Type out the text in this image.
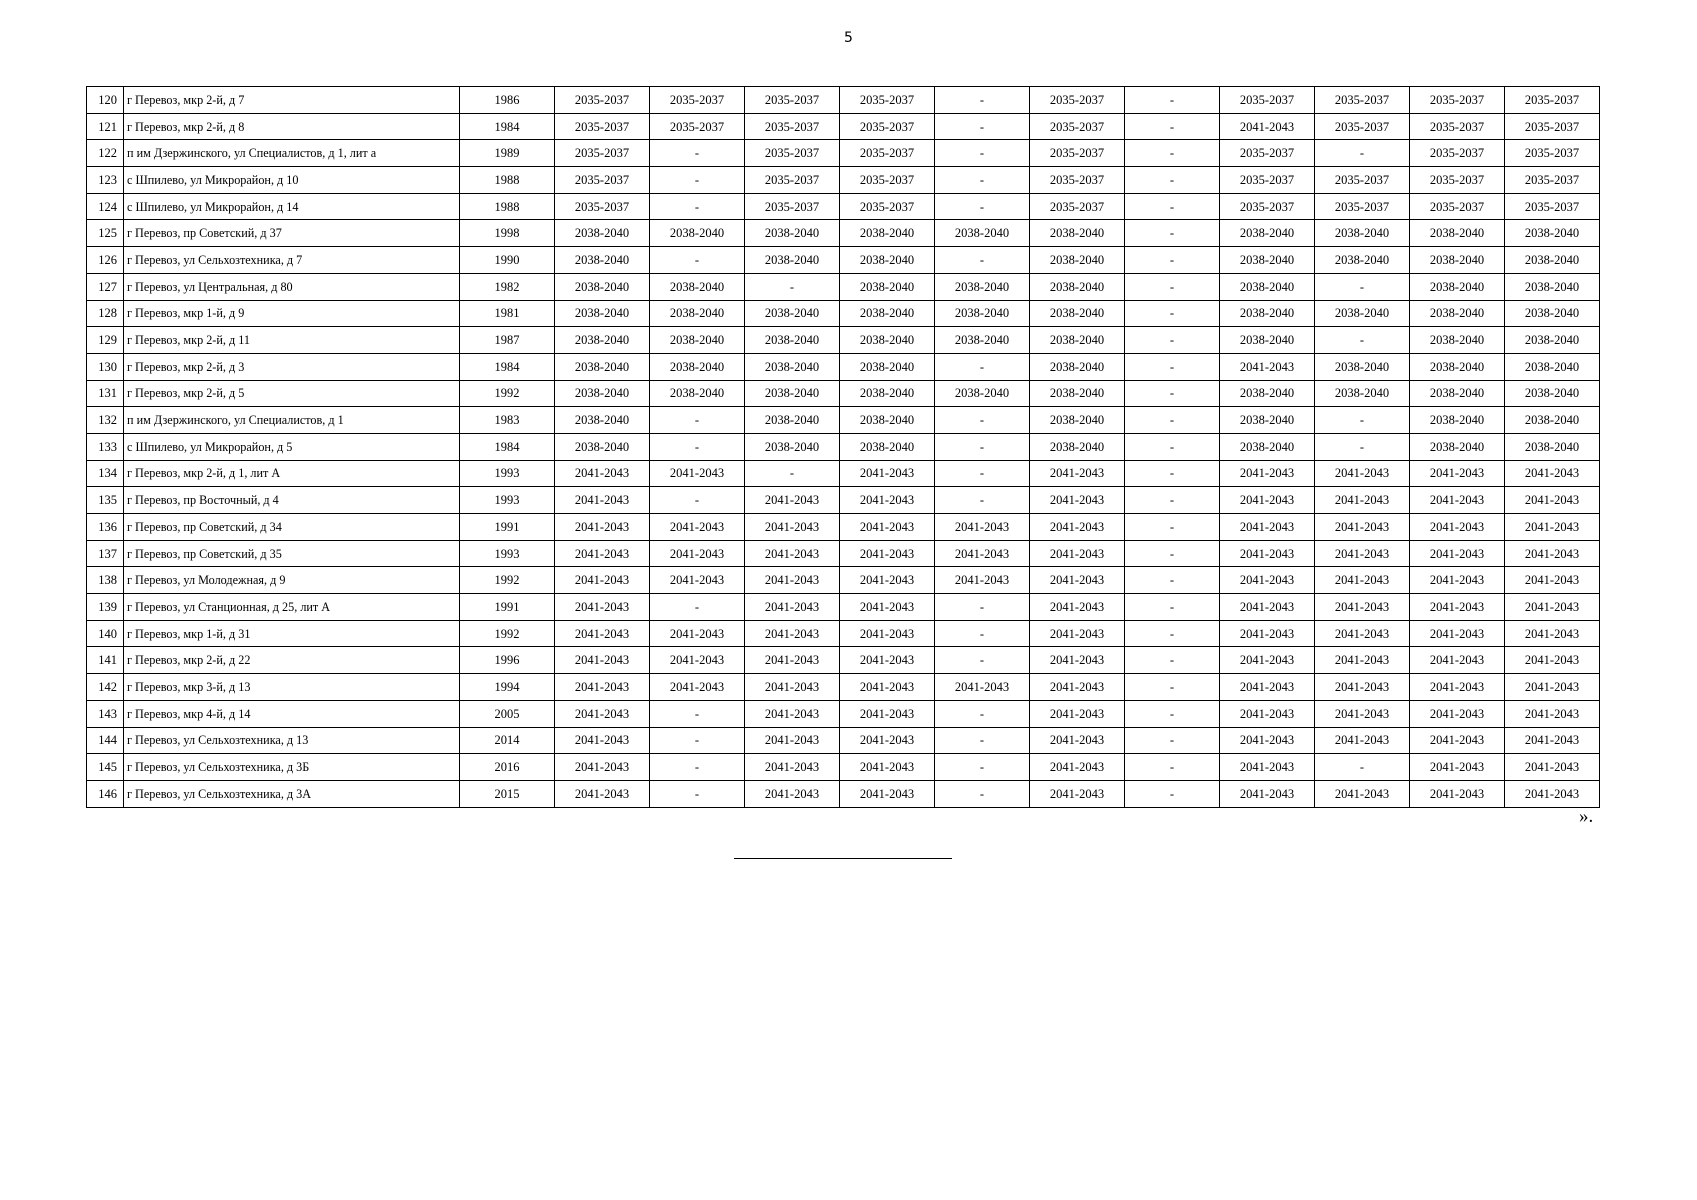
5
120	г Перевоз, мкр 2-й, д 7	1986	2035-2037	2035-2037	2035-2037	2035-2037	-	2035-2037	-	2035-2037	2035-2037	2035-2037	2035-2037
121	г Перевоз, мкр 2-й, д 8	1984	2035-2037	2035-2037	2035-2037	2035-2037	-	2035-2037	-	2041-2043	2035-2037	2035-2037	2035-2037
122	п им Дзержинского, ул Специалистов, д 1, лит а	1989	2035-2037	-	2035-2037	2035-2037	-	2035-2037	-	2035-2037	-	2035-2037	2035-2037
123	с Шпилево, ул Микрорайон, д 10	1988	2035-2037	-	2035-2037	2035-2037	-	2035-2037	-	2035-2037	2035-2037	2035-2037	2035-2037
124	с Шпилево, ул Микрорайон, д 14	1988	2035-2037	-	2035-2037	2035-2037	-	2035-2037	-	2035-2037	2035-2037	2035-2037	2035-2037
125	г Перевоз, пр Советский, д 37	1998	2038-2040	2038-2040	2038-2040	2038-2040	2038-2040	2038-2040	-	2038-2040	2038-2040	2038-2040	2038-2040
126	г Перевоз, ул Сельхозтехника, д 7	1990	2038-2040	-	2038-2040	2038-2040	-	2038-2040	-	2038-2040	2038-2040	2038-2040	2038-2040
127	г Перевоз, ул Центральная, д 80	1982	2038-2040	2038-2040	-	2038-2040	2038-2040	2038-2040	-	2038-2040	-	2038-2040	2038-2040
128	г Перевоз, мкр 1-й, д 9	1981	2038-2040	2038-2040	2038-2040	2038-2040	2038-2040	2038-2040	-	2038-2040	2038-2040	2038-2040	2038-2040
129	г Перевоз, мкр 2-й, д 11	1987	2038-2040	2038-2040	2038-2040	2038-2040	2038-2040	2038-2040	-	2038-2040	-	2038-2040	2038-2040
130	г Перевоз, мкр 2-й, д 3	1984	2038-2040	2038-2040	2038-2040	2038-2040	-	2038-2040	-	2041-2043	2038-2040	2038-2040	2038-2040
131	г Перевоз, мкр 2-й, д 5	1992	2038-2040	2038-2040	2038-2040	2038-2040	2038-2040	2038-2040	-	2038-2040	2038-2040	2038-2040	2038-2040
132	п им Дзержинского, ул Специалистов, д 1	1983	2038-2040	-	2038-2040	2038-2040	-	2038-2040	-	2038-2040	-	2038-2040	2038-2040
133	с Шпилево, ул Микрорайон, д 5	1984	2038-2040	-	2038-2040	2038-2040	-	2038-2040	-	2038-2040	-	2038-2040	2038-2040
134	г Перевоз, мкр 2-й, д 1, лит А	1993	2041-2043	2041-2043	-	2041-2043	-	2041-2043	-	2041-2043	2041-2043	2041-2043	2041-2043
135	г Перевоз, пр Восточный, д 4	1993	2041-2043	-	2041-2043	2041-2043	-	2041-2043	-	2041-2043	2041-2043	2041-2043	2041-2043
136	г Перевоз, пр Советский, д 34	1991	2041-2043	2041-2043	2041-2043	2041-2043	2041-2043	2041-2043	-	2041-2043	2041-2043	2041-2043	2041-2043
137	г Перевоз, пр Советский, д 35	1993	2041-2043	2041-2043	2041-2043	2041-2043	2041-2043	2041-2043	-	2041-2043	2041-2043	2041-2043	2041-2043
138	г Перевоз, ул Молодежная, д 9	1992	2041-2043	2041-2043	2041-2043	2041-2043	2041-2043	2041-2043	-	2041-2043	2041-2043	2041-2043	2041-2043
139	г Перевоз, ул Станционная, д 25, лит А	1991	2041-2043	-	2041-2043	2041-2043	-	2041-2043	-	2041-2043	2041-2043	2041-2043	2041-2043
140	г Перевоз, мкр 1-й, д 31	1992	2041-2043	2041-2043	2041-2043	2041-2043	-	2041-2043	-	2041-2043	2041-2043	2041-2043	2041-2043
141	г Перевоз, мкр 2-й, д 22	1996	2041-2043	2041-2043	2041-2043	2041-2043	-	2041-2043	-	2041-2043	2041-2043	2041-2043	2041-2043
142	г Перевоз, мкр 3-й, д 13	1994	2041-2043	2041-2043	2041-2043	2041-2043	2041-2043	2041-2043	-	2041-2043	2041-2043	2041-2043	2041-2043
143	г Перевоз, мкр 4-й, д 14	2005	2041-2043	-	2041-2043	2041-2043	-	2041-2043	-	2041-2043	2041-2043	2041-2043	2041-2043
144	г Перевоз, ул Сельхозтехника, д 13	2014	2041-2043	-	2041-2043	2041-2043	-	2041-2043	-	2041-2043	2041-2043	2041-2043	2041-2043
145	г Перевоз, ул Сельхозтехника, д 3Б	2016	2041-2043	-	2041-2043	2041-2043	-	2041-2043	-	2041-2043	-	2041-2043	2041-2043
146	г Перевоз, ул Сельхозтехника, д 3А	2015	2041-2043	-	2041-2043	2041-2043	-	2041-2043	-	2041-2043	2041-2043	2041-2043	2041-2043
».
